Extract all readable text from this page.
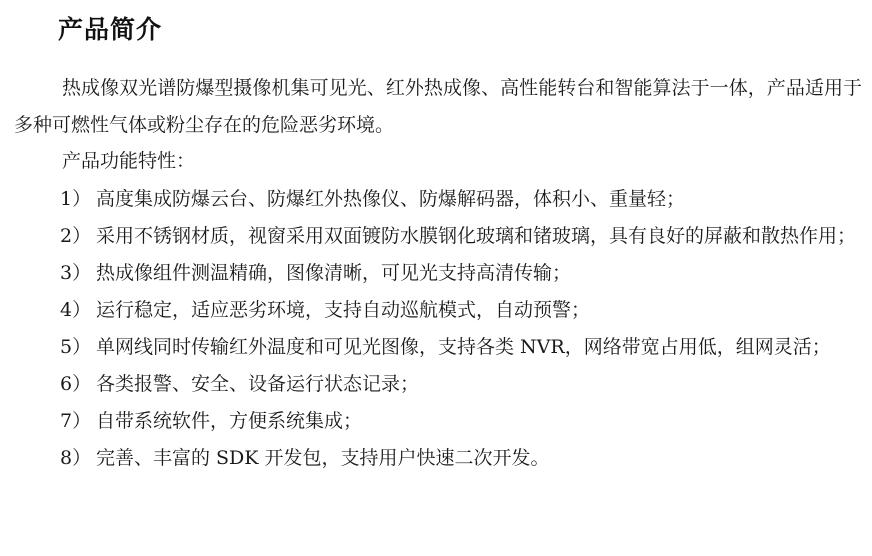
产品简介

热成像双光谱防爆型摄像机集可见光、红外热成像、高性能转台和智能算法于一体，产品适用于多种可燃性气体或粉尘存在的危险恶劣环境。

产品功能特性：

1） 高度集成防爆云台、防爆红外热像仪、防爆解码器，体积小、重量轻；
2） 采用不锈钢材质，视窗采用双面镀防水膜钢化玻璃和锗玻璃，具有良好的屏蔽和散热作用；
3） 热成像组件测温精确，图像清晰，可见光支持高清传输；
4） 运行稳定，适应恶劣环境，支持自动巡航模式，自动预警；
5） 单网线同时传输红外温度和可见光图像，支持各类 NVR，网络带宽占用低，组网灵活；
6） 各类报警、安全、设备运行状态记录；
7） 自带系统软件，方便系统集成；
8） 完善、丰富的 SDK 开发包，支持用户快速二次开发。
